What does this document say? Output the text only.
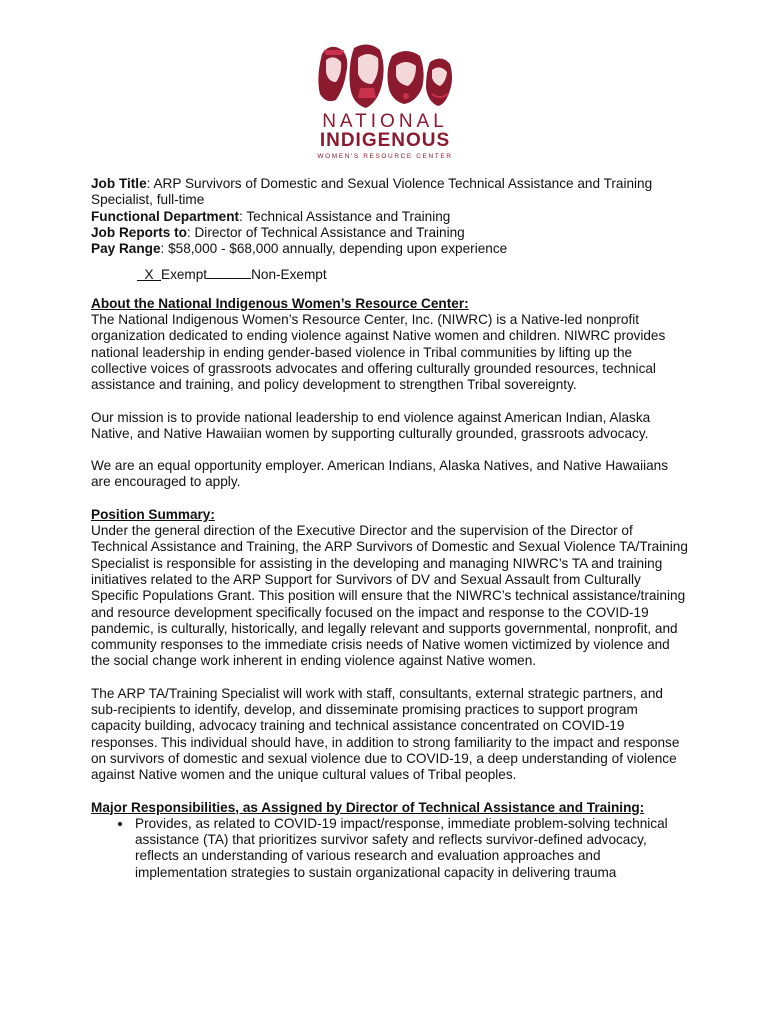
NATIONAL
INDIGENOUS
WOMEN'S RESOURCE CENTER

Job Title: ARP Survivors of Domestic and Sexual Violence Technical Assistance and Training Specialist, full-time

Functional Department: Technical Assistance and Training

Job Reports to: Director of Technical Assistance and Training

Pay Range: $58,000 - $68,000 annually, depending upon experience

X Exempt	Non-Exempt

About the National Indigenous Women’s Resource Center:

The National Indigenous Women’s Resource Center, Inc. (NIWRC) is a Native-led nonprofit organization dedicated to ending violence against Native women and children. NIWRC provides national leadership in ending gender-based violence in Tribal communities by lifting up the collective voices of grassroots advocates and offering culturally grounded resources, technical assistance and training, and policy development to strengthen Tribal sovereignty.

Our mission is to provide national leadership to end violence against American Indian, Alaska Native, and Native Hawaiian women by supporting culturally grounded, grassroots advocacy.

We are an equal opportunity employer. American Indians, Alaska Natives, and Native Hawaiians are encouraged to apply.

Position Summary:

Under the general direction of the Executive Director and the supervision of the Director of Technical Assistance and Training, the ARP Survivors of Domestic and Sexual Violence TA/Training Specialist is responsible for assisting in the developing and managing NIWRC’s TA and training initiatives related to the ARP Support for Survivors of DV and Sexual Assault from Culturally Specific Populations Grant. This position will ensure that the NIWRC’s technical assistance/training and resource development specifically focused on the impact and response to the COVID-19 pandemic, is culturally, historically, and legally relevant and supports governmental, nonprofit, and community responses to the immediate crisis needs of Native women victimized by violence and the social change work inherent in ending violence against Native women.

The ARP TA/Training Specialist will work with staff, consultants, external strategic partners, and sub-recipients to identify, develop, and disseminate promising practices to support program capacity building, advocacy training and technical assistance concentrated on COVID-19 responses. This individual should have, in addition to strong familiarity to the impact and response on survivors of domestic and sexual violence due to COVID-19, a deep understanding of violence against Native women and the unique cultural values of Tribal peoples.

Major Responsibilities, as Assigned by Director of Technical Assistance and Training:

• Provides, as related to COVID-19 impact/response, immediate problem-solving technical assistance (TA) that prioritizes survivor safety and reflects survivor-defined advocacy, reflects an understanding of various research and evaluation approaches and implementation strategies to sustain organizational capacity in delivering trauma
